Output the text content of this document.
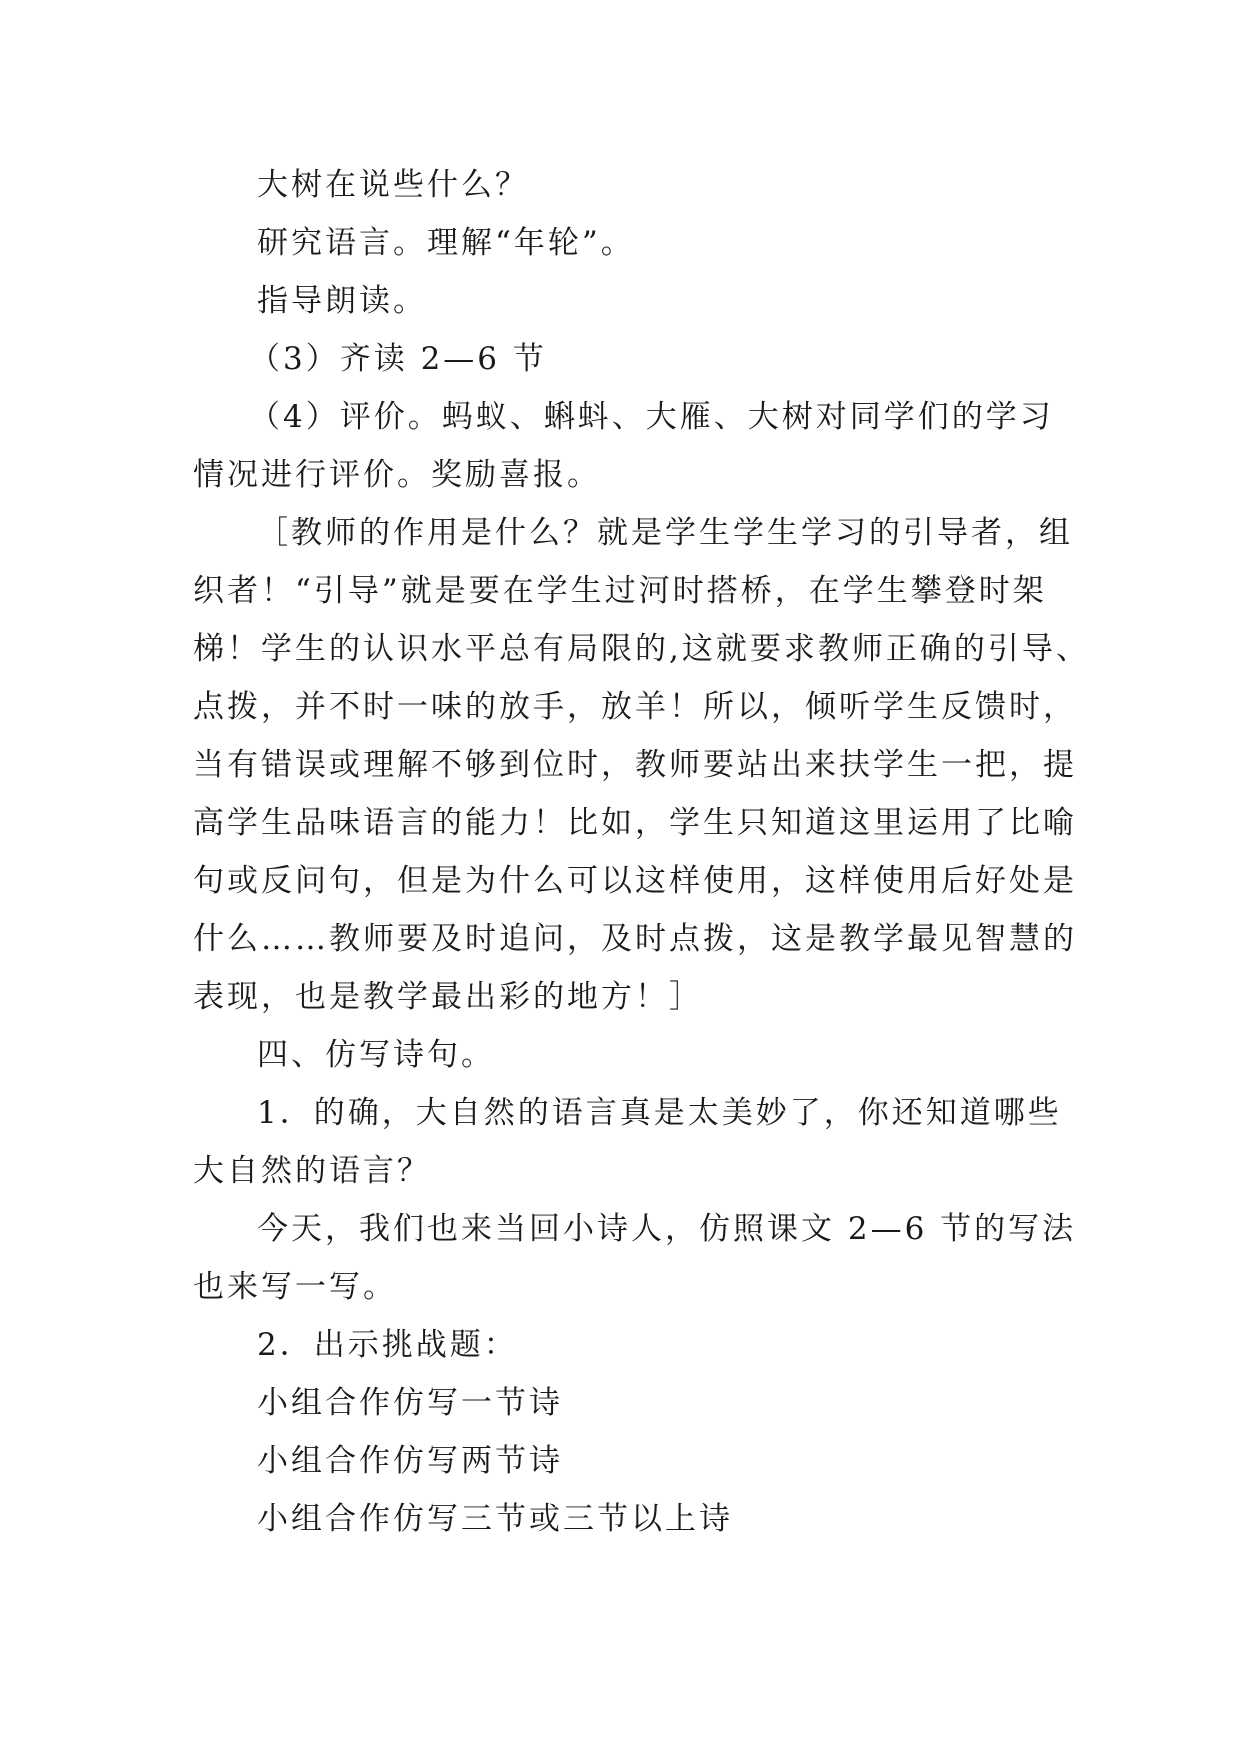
大树在说些什么？
研究语言。理解“年轮”。
指导朗读。
（3）齐读 2—6 节
（4）评价。蚂蚁、蝌蚪、大雁、大树对同学们的学习
情况进行评价。奖励喜报。
［教师的作用是什么？就是学生学生学习的引导者，组
织者！“引导”就是要在学生过河时搭桥，在学生攀登时架
梯！学生的认识水平总有局限的,这就要求教师正确的引导、
点拨，并不时一味的放手，放羊！所以，倾听学生反馈时，
当有错误或理解不够到位时，教师要站出来扶学生一把，提
高学生品味语言的能力！比如，学生只知道这里运用了比喻
句或反问句，但是为什么可以这样使用，这样使用后好处是
什么……教师要及时追问，及时点拨，这是教学最见智慧的
表现，也是教学最出彩的地方！］
四、仿写诗句。
1．的确，大自然的语言真是太美妙了，你还知道哪些
大自然的语言？
今天，我们也来当回小诗人，仿照课文 2—6 节的写法
也来写一写。
2．出示挑战题：
小组合作仿写一节诗
小组合作仿写两节诗
小组合作仿写三节或三节以上诗
